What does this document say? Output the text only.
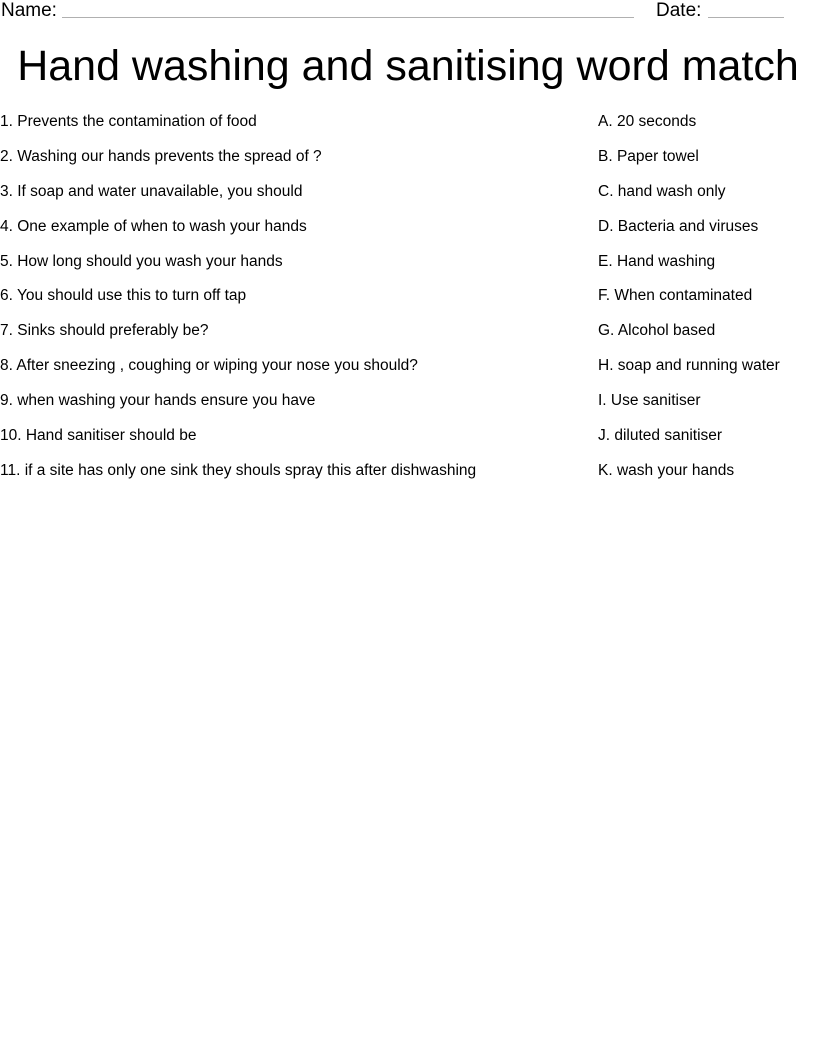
Name:	Date:
Hand washing and sanitising word match
1. Prevents the contamination of food
2. Washing our hands prevents the spread of ?
3. If soap and water unavailable, you should
4. One example of when to wash your hands
5. How long should you wash your hands
6. You should use this to turn off tap
7. Sinks should preferably be?
8. After sneezing , coughing or wiping your nose you should?
9. when washing your hands ensure you have
10. Hand sanitiser should be
11. if a site has only one sink they shouls spray this after dishwashing
A. 20 seconds
B. Paper towel
C. hand wash only
D. Bacteria and viruses
E. Hand washing
F. When contaminated
G. Alcohol based
H. soap and running water
I. Use sanitiser
J. diluted sanitiser
K. wash your hands
